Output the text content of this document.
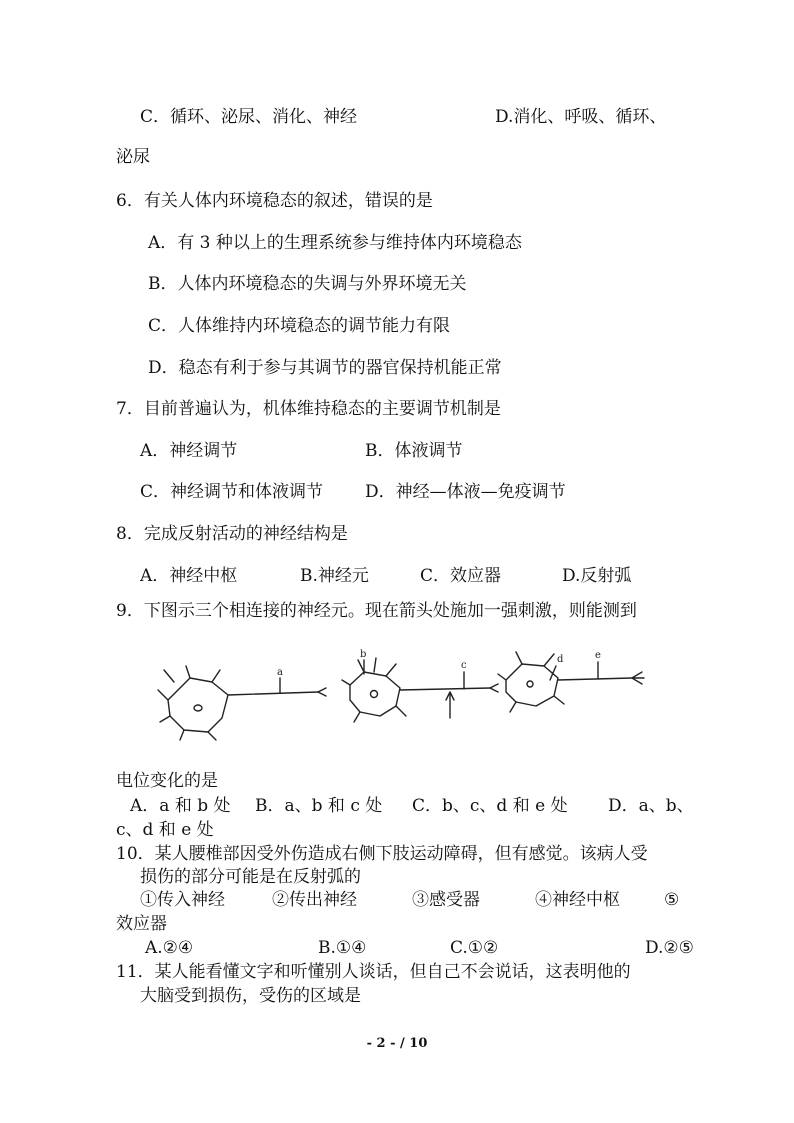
C．循环、泌尿、消化、神经	D.消化、呼吸、循环、
泌尿
6．有关人体内环境稳态的叙述，错误的是
A．有 3 种以上的生理系统参与维持体内环境稳态
B．人体内环境稳态的失调与外界环境无关
C．人体维持内环境稳态的调节能力有限
D．稳态有利于参与其调节的器官保持机能正常
7．目前普遍认为，机体维持稳态的主要调节机制是
A．神经调节	B．体液调节
C．神经调节和体液调节 D．神经—体液—免疫调节
8．完成反射活动的神经结构是
A．神经中枢	B.神经元	C．效应器	D.反射弧
9．下图示三个相连接的神经元。现在箭头处施加一强刺激，则能测到
a
b
c
d	e
电位变化的是
A．a 和 b 处 B．a、b 和 c 处 C．b、c、d 和 e 处 D．a、b、
c、d 和 e 处
10．某人腰椎部因受外伤造成右侧下肢运动障碍，但有感觉。该病人受
损伤的部分可能是在反射弧的
①传入神经	②传出神经	③感受器	④神经中枢	⑤
效应器
A.②④	B.①④	C.①②	D.②⑤
11．某人能看懂文字和听懂别人谈话，但自己不会说话，这表明他的
大脑受到损伤，受伤的区域是
- 2 - / 10
